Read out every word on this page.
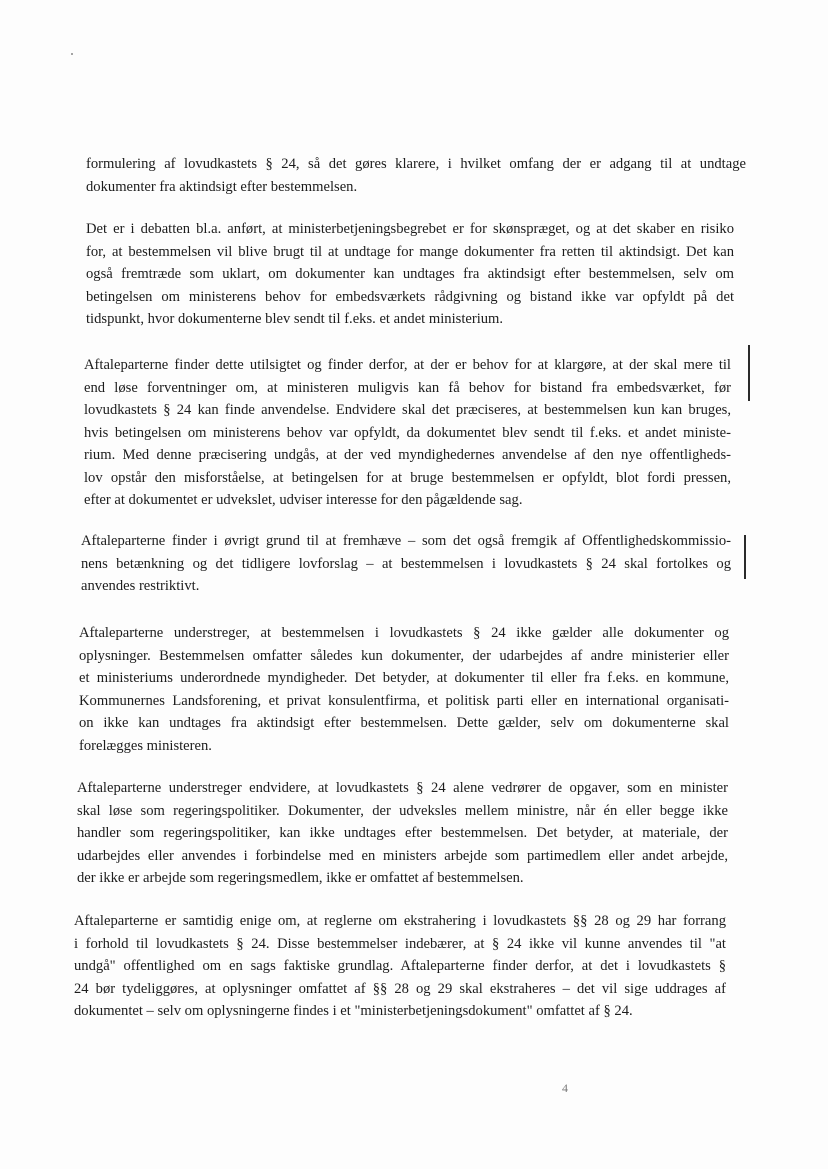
formulering af lovudkastets § 24, så det gøres klarere, i hvilket omfang der er adgang til at undtage
dokumenter fra aktindsigt efter bestemmelsen.
Det er i debatten bl.a. anført, at ministerbetjeningsbegrebet er for skønspræget, og at det skaber en risiko
for, at bestemmelsen vil blive brugt til at undtage for mange dokumenter fra retten til aktindsigt. Det kan
også fremtræde som uklart, om dokumenter kan undtages fra aktindsigt efter bestemmelsen, selv om
betingelsen om ministerens behov for embedsværkets rådgivning og bistand ikke var opfyldt på det
tidspunkt, hvor dokumenterne blev sendt til f.eks. et andet ministerium.
Aftaleparterne finder dette utilsigtet og finder derfor, at der er behov for at klargøre, at der skal mere til
end løse forventninger om, at ministeren muligvis kan få behov for bistand fra embedsværket, før
lovudkastets § 24 kan finde anvendelse. Endvidere skal det præciseres, at bestemmelsen kun kan bruges,
hvis betingelsen om ministerens behov var opfyldt, da dokumentet blev sendt til f.eks. et andet ministe-
rium. Med denne præcisering undgås, at der ved myndighedernes anvendelse af den nye offentligheds-
lov opstår den misforståelse, at betingelsen for at bruge bestemmelsen er opfyldt, blot fordi pressen,
efter at dokumentet er udvekslet, udviser interesse for den pågældende sag.
Aftaleparterne finder i øvrigt grund til at fremhæve – som det også fremgik af Offentlighedskommissio-
nens betænkning og det tidligere lovforslag – at bestemmelsen i lovudkastets § 24 skal fortolkes og
anvendes restriktivt.
Aftaleparterne understreger, at bestemmelsen i lovudkastets § 24 ikke gælder alle dokumenter og
oplysninger. Bestemmelsen omfatter således kun dokumenter, der udarbejdes af andre ministerier eller
et ministeriums underordnede myndigheder. Det betyder, at dokumenter til eller fra f.eks. en kommune,
Kommunernes Landsforening, et privat konsulentfirma, et politisk parti eller en international organisati-
on ikke kan undtages fra aktindsigt efter bestemmelsen. Dette gælder, selv om dokumenterne skal
forelægges ministeren.
Aftaleparterne understreger endvidere, at lovudkastets § 24 alene vedrører de opgaver, som en minister
skal løse som regeringspolitiker. Dokumenter, der udveksles mellem ministre, når én eller begge ikke
handler som regeringspolitiker, kan ikke undtages efter bestemmelsen. Det betyder, at materiale, der
udarbejdes eller anvendes i forbindelse med en ministers arbejde som partimedlem eller andet arbejde,
der ikke er arbejde som regeringsmedlem, ikke er omfattet af bestemmelsen.
Aftaleparterne er samtidig enige om, at reglerne om ekstrahering i lovudkastets §§ 28 og 29 har forrang
i forhold til lovudkastets § 24. Disse bestemmelser indebærer, at § 24 ikke vil kunne anvendes til "at
undgå" offentlighed om en sags faktiske grundlag. Aftaleparterne finder derfor, at det i lovudkastets §
24 bør tydeliggøres, at oplysninger omfattet af §§ 28 og 29 skal ekstraheres – det vil sige uddrages af
dokumentet – selv om oplysningerne findes i et "ministerbetjeningsdokument" omfattet af § 24.
4
